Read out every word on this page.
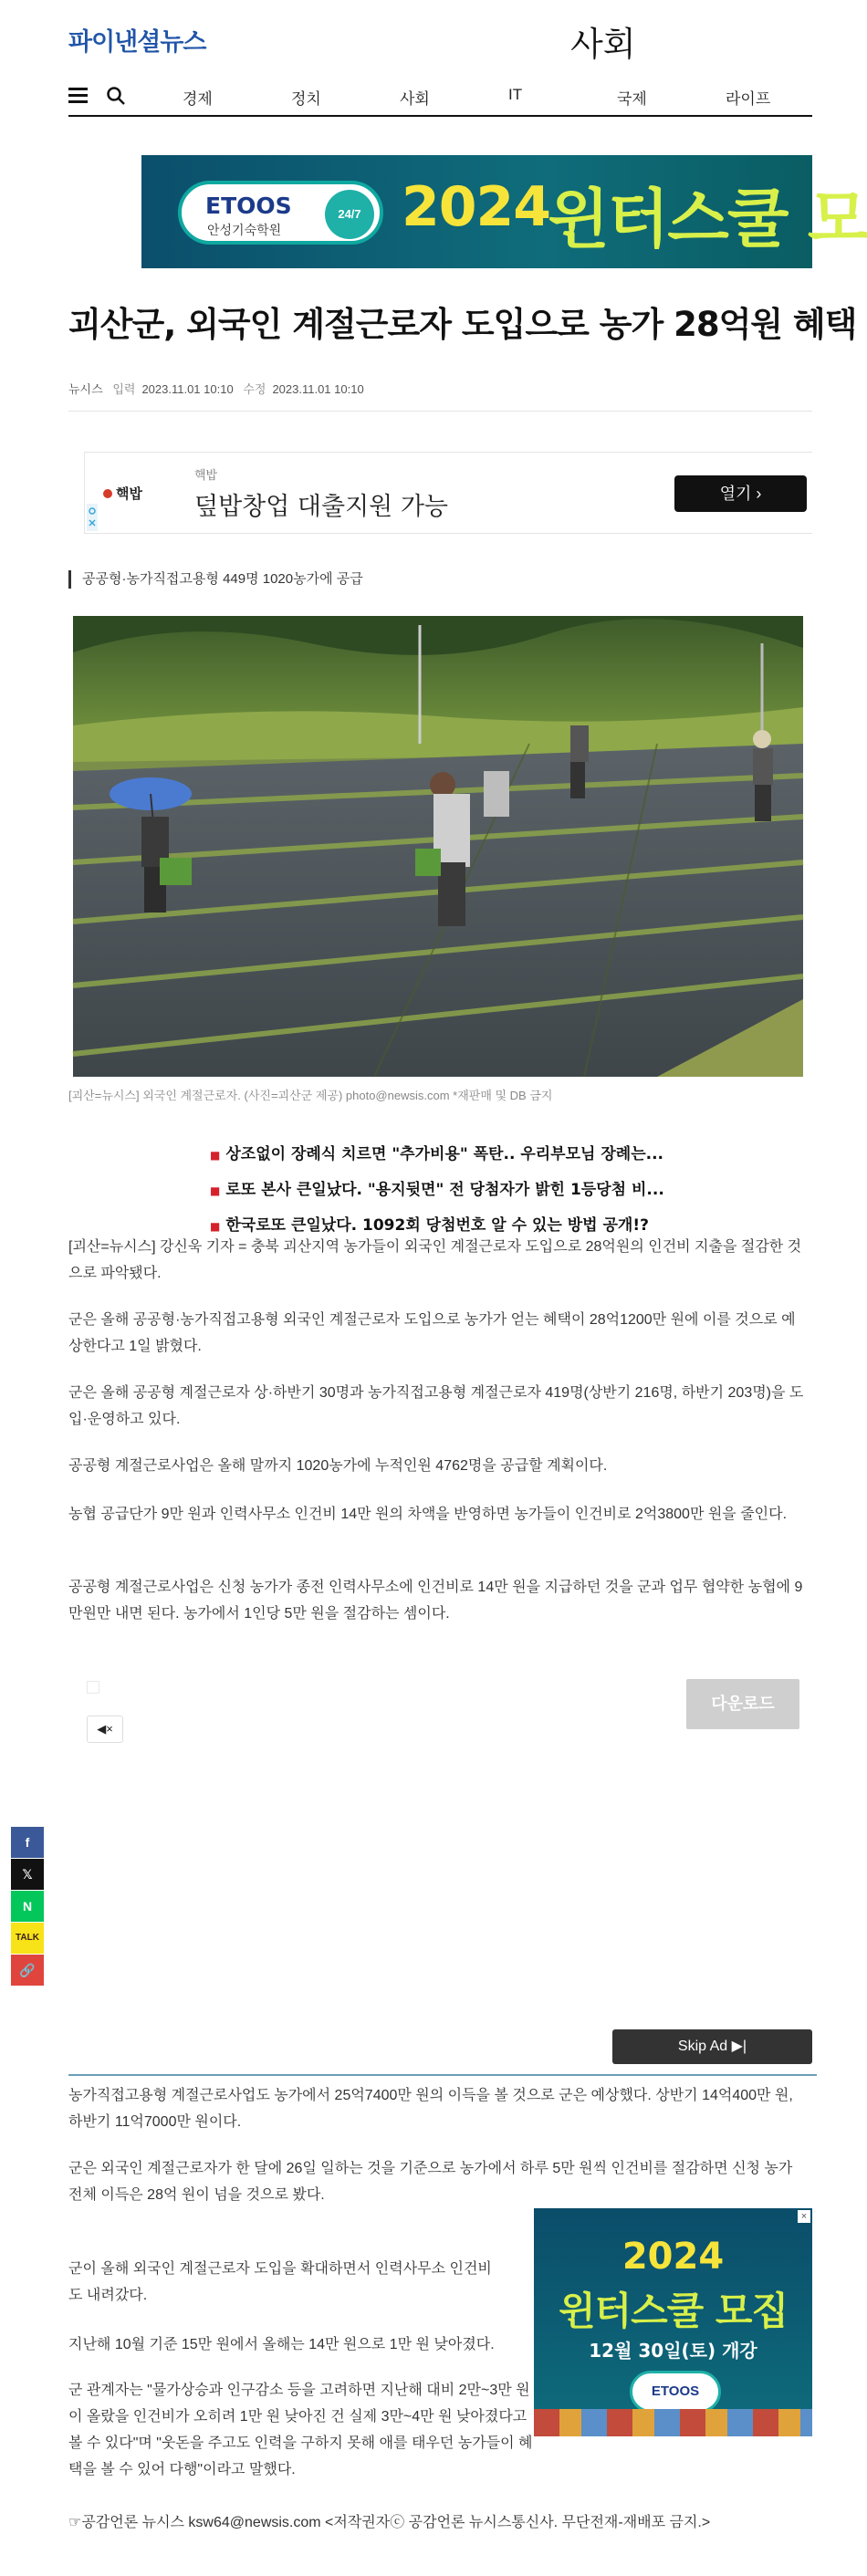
파이낸셜뉴스	사회
경제	정치	사회	IT	국제	라이프
ETOOS
안성기숙학원
24/7 2024
윈터스쿨 모
괴산군, 외국인 계절근로자 도입으로 농가 28억원 혜택
뉴시스 입력 2023.11.01 10:10 수정 2023.11.01 10:10
핵밥
핵밥
덮밥창업 대출지원 가능	열기 ›
공공형·농가직접고용형 449명 1020농가에 공급
[괴산=뉴시스] 외국인 계절근로자. (사진=괴산군 제공) photo@newsis.com *재판매 및 DB 금지
■ 상조없이 장례식 치르면 "추가비용" 폭탄.. 우리부모님 장례는...
■ 로또 본사 큰일났다. "용지뒷면" 전 당첨자가 밝힌 1등당첨 비...
■ 한국로또 큰일났다. 1092회 당첨번호 알 수 있는 방법 공개!?

[괴산=뉴시스] 강신욱 기자 = 충북 괴산지역 농가들이 외국인 계절근로자 도입으로 28억원의 인건비 지출을 절감한 것으로 파악됐다.

군은 올해 공공형·농가직접고용형 외국인 계절근로자 도입으로 농가가 얻는 혜택이 28억1200만 원에 이를 것으로 예상한다고 1일 밝혔다.

군은 올해 공공형 계절근로자 상·하반기 30명과 농가직접고용형 계절근로자 419명(상반기 216명, 하반기 203명)을 도입·운영하고 있다.

공공형 계절근로사업은 올해 말까지 1020농가에 누적인원 4762명을 공급할 계획이다.

농협 공급단가 9만 원과 인력사무소 인건비 14만 원의 차액을 반영하면 농가들이 인건비로 2억3800만 원을 줄인다.

공공형 계절근로사업은 신청 농가가 종전 인력사무소에 인건비로 14만 원을 지급하던 것을 군과 업무 협약한 농협에 9만원만 내면 된다. 농가에서 1인당 5만 원을 절감하는 셈이다.

다운로드
◀×
f
𝕏
N
TALK
🔗
Skip Ad ▶|

농가직접고용형 계절근로사업도 농가에서 25억7400만 원의 이득을 볼 것으로 군은 예상했다. 상반기 14억400만 원, 하반기 11억7000만 원이다.

군은 외국인 계절근로자가 한 달에 26일 일하는 것을 기준으로 농가에서 하루 5만 원씩 인건비를 절감하면 신청 농가 전체 이득은 28억 원이 넘을 것으로 봤다.

군이 올해 외국인 계절근로자 도입을 확대하면서 인력사무소 인건비도 내려갔다.

지난해 10월 기준 15만 원에서 올해는 14만 원으로 1만 원 낮아졌다.

군 관계자는 "물가상승과 인구감소 등을 고려하면 지난해 대비 2만~3만 원이 올랐을 인건비가 오히려 1만 원 낮아진 건 실제 3만~4만 원 낮아졌다고 볼 수 있다"며 "웃돈을 주고도 인력을 구하지 못해 애를 태우던 농가들이 혜택을 볼 수 있어 다행"이라고 말했다.

☞공감언론 뉴시스 ksw64@newsis.com <저작권자ⓒ 공감언론 뉴시스통신사. 무단전재-재배포 금지.>

2024
윈터스쿨 모집
12월 30일(토) 개강
ETOOS
×
